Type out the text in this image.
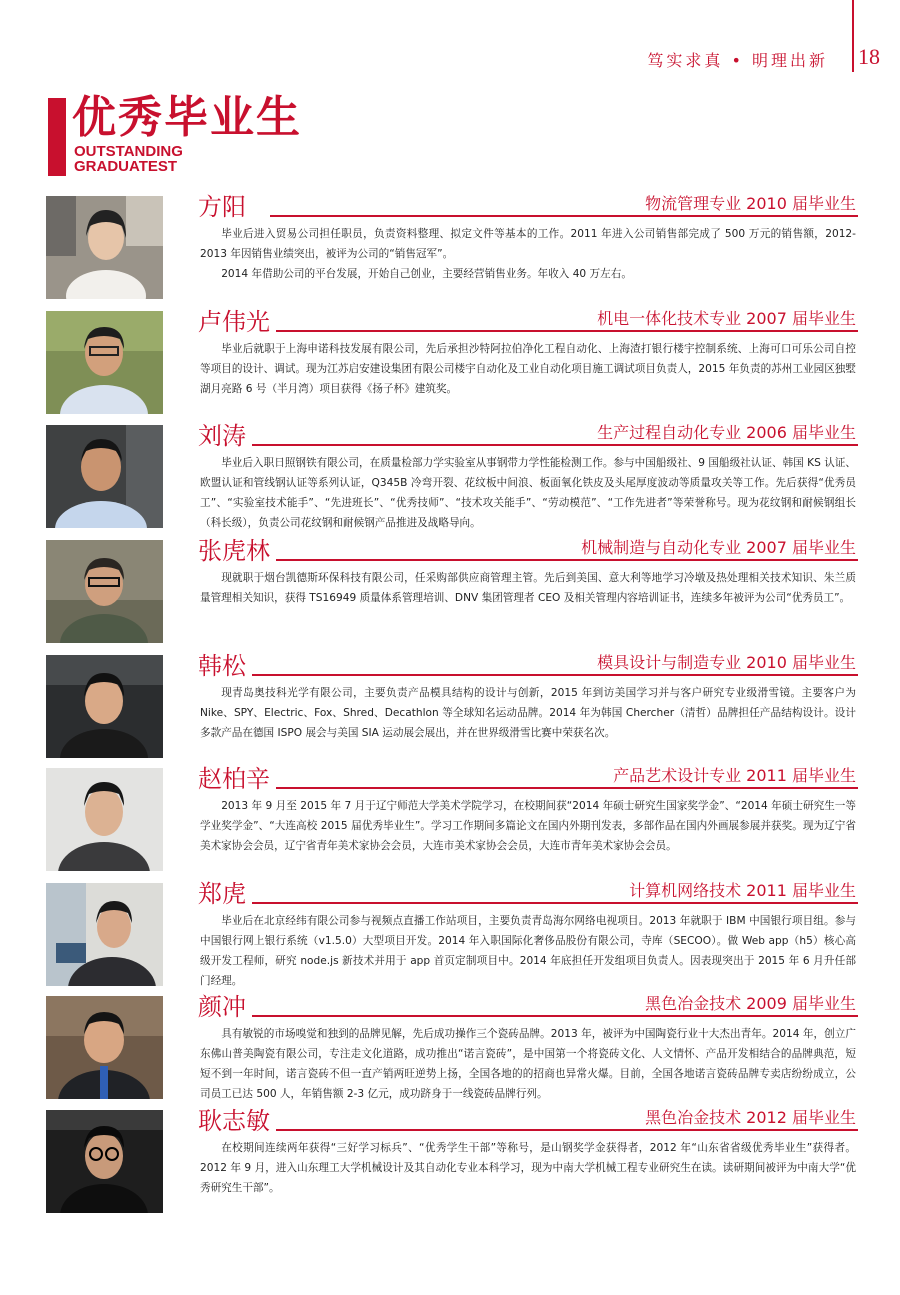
笃实求真 • 明理出新 18
优秀毕业生
OUTSTANDING
GRADUATEST
方阳	物流管理专业 2010 届毕业生

毕业后进入贸易公司担任职员，负责资料整理、拟定文件等基本的工作。2011 年进入公司销售部完成了 500 万元的销售额，2012-2013 年因销售业绩突出，被评为公司的“销售冠军”。

2014 年借助公司的平台发展，开始自己创业，主要经营销售业务。年收入 40 万左右。

卢伟光	机电一体化技术专业 2007 届毕业生

毕业后就职于上海申诺科技发展有限公司，先后承担沙特阿拉伯净化工程自动化、上海渣打银行楼宇控制系统、上海可口可乐公司自控等项目的设计、调试。现为江苏启安建设集团有限公司楼宇自动化及工业自动化项目施工调试项目负责人，2015 年负责的苏州工业园区独墅湖月亮路 6 号（半月湾）项目获得《扬子杯》建筑奖。

刘涛	生产过程自动化专业 2006 届毕业生

毕业后入职日照钢铁有限公司，在质量检部力学实验室从事钢带力学性能检测工作。参与中国船级社、9 国船级社认证、韩国 KS 认证、欧盟认证和管线钢认证等系列认证，Q345B 冷弯开裂、花纹板中间浪、板面氧化铁皮及头尾厚度波动等质量攻关等工作。先后获得“优秀员工”、“实验室技术能手”、“先进班长”、“优秀技师”、“技术攻关能手”、“劳动模范”、“工作先进者”等荣誉称号。现为花纹钢和耐候钢组长（科长级），负责公司花纹钢和耐候钢产品推进及战略导向。

张虎林	机械制造与自动化专业 2007 届毕业生

现就职于烟台凯德斯环保科技有限公司，任采购部供应商管理主管。先后到美国、意大利等地学习冷墩及热处理相关技术知识、朱兰质量管理相关知识，获得 TS16949 质量体系管理培训、DNV 集团管理者 CEO 及相关管理内容培训证书，连续多年被评为公司“优秀员工”。

韩松	模具设计与制造专业 2010 届毕业生

现青岛奥技科光学有限公司，主要负责产品模具结构的设计与创新，2015 年到访美国学习并与客户研究专业级滑雪镜。主要客户为 Nike、SPY、Electric、Fox、Shred、Decathlon 等全球知名运动品牌。2014 年为韩国 Chercher（清哲）品牌担任产品结构设计。设计多款产品在德国 ISPO 展会与美国 SIA 运动展会展出，并在世界级滑雪比赛中荣获名次。

赵柏辛	产品艺术设计专业 2011 届毕业生

2013 年 9 月至 2015 年 7 月于辽宁师范大学美术学院学习，在校期间获“2014 年硕士研究生国家奖学金”、“2014 年硕士研究生一等学业奖学金”、“大连高校 2015 届优秀毕业生”。学习工作期间多篇论文在国内外期刊发表，多部作品在国内外画展参展并获奖。现为辽宁省美术家协会会员，辽宁省青年美术家协会会员，大连市美术家协会会员，大连市青年美术家协会会员。

郑虎	计算机网络技术 2011 届毕业生

毕业后在北京经纬有限公司参与视频点直播工作站项目，主要负责青岛海尔网络电视项目。2013 年就职于 IBM 中国银行项目组。参与中国银行网上银行系统（v1.5.0）大型项目开发。2014 年入职国际化奢侈品股份有限公司，寺库（SECOO）。做 Web app（h5）核心高级开发工程师，研究 node.js 新技术并用于 app 首页定制项目中。2014 年底担任开发组项目负责人。因表现突出于 2015 年 6 月升任部门经理。

颜冲	黑色冶金技术 2009 届毕业生

具有敏锐的市场嗅觉和独到的品牌见解，先后成功操作三个瓷砖品牌。2013 年，被评为中国陶瓷行业十大杰出青年。2014 年，创立广东佛山普美陶瓷有限公司，专注走文化道路，成功推出“诺言瓷砖”，是中国第一个将瓷砖文化、人文情怀、产品开发相结合的品牌典范，短短不到一年时间，诺言瓷砖不但一直产销两旺逆势上扬，全国各地的的招商也异常火爆。目前，全国各地诺言瓷砖品牌专卖店纷纷成立，公司员工已达 500 人，年销售额 2-3 亿元，成功跻身于一线瓷砖品牌行列。

耿志敏	黑色冶金技术 2012 届毕业生

在校期间连续两年获得“三好学习标兵”、“优秀学生干部”等称号，是山钢奖学金获得者，2012 年“山东省省级优秀毕业生”获得者。2012 年 9 月，进入山东理工大学机械设计及其自动化专业本科学习，现为中南大学机械工程专业研究生在读。读研期间被评为中南大学“优秀研究生干部”。
